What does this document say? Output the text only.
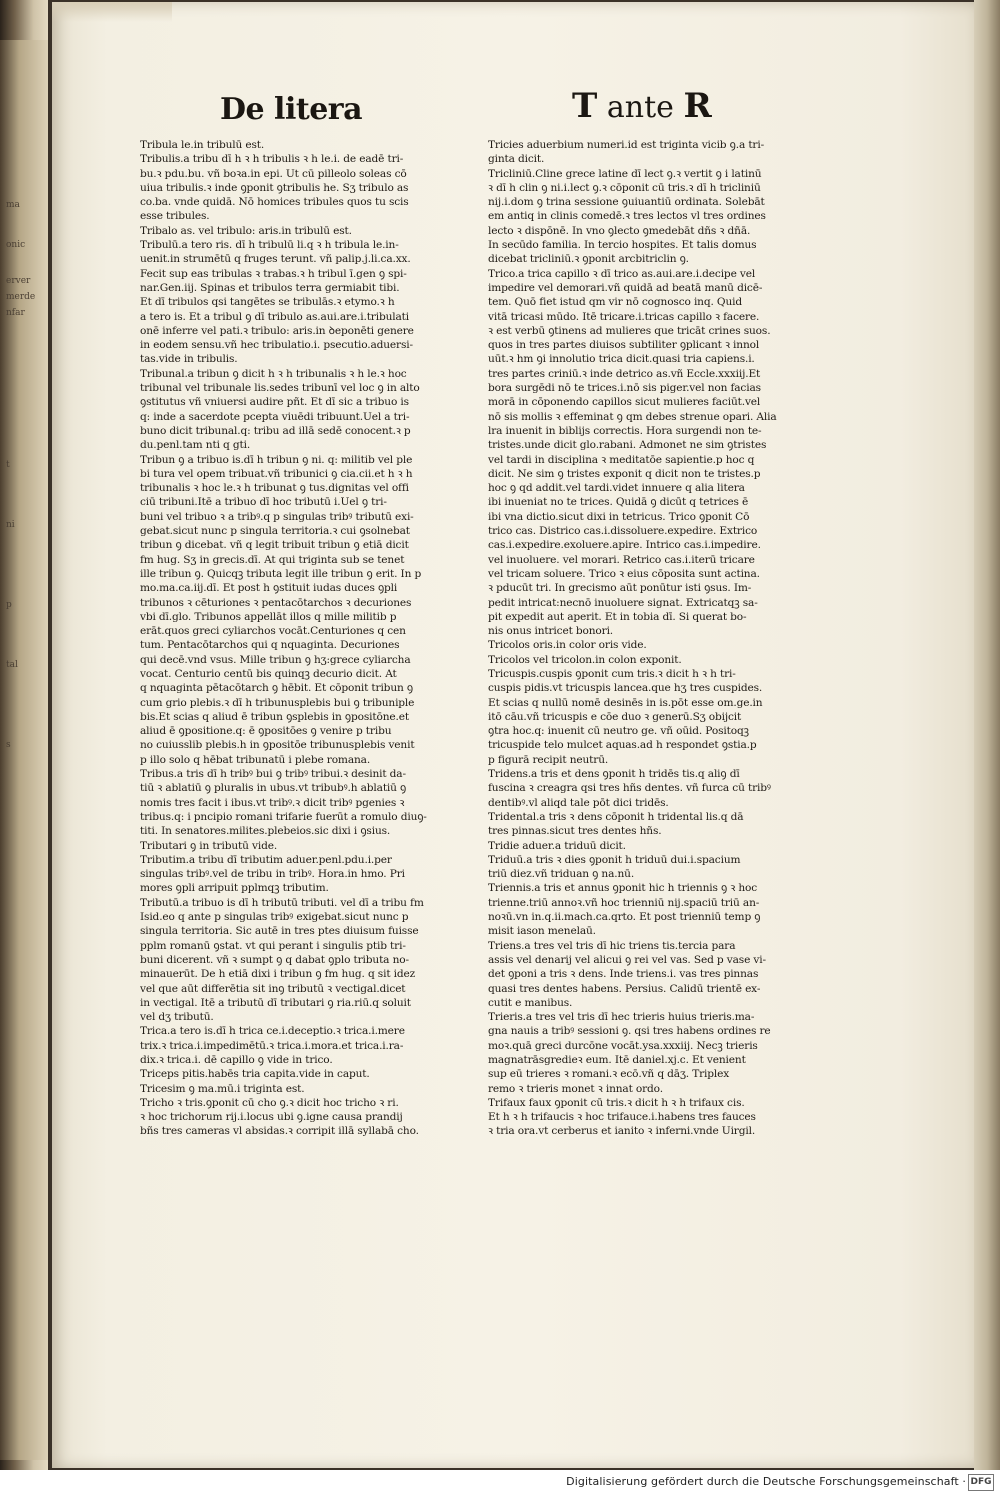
ma
onic
erver
merde
nfar
t
ni
p
tal
s
De litera	T ante R

Tribula le.in tribulū est.

Tribulis.a tribu dī h ꝛ h tribulis ꝛ h le.i. de eadē tri-

bu.ꝛ pdu.bu. vñ boꝛa.in epi. Ut cū pilleolo soleas cō

uiua tribulis.ꝛ inde ꝯponit ꝯtribulis he. Sʒ tribulo as

co.ba. vnde quidā. Nō homices tribules quos tu scis

esse tribules.

Tribalo as. vel tribulo: aris.in tribulū est.

Tribulū.a tero ris. dī h tribulū li.q ꝛ h tribula le.in-

uenit.in strumētū q fruges terunt. vñ palip.j.li.ca.xx.

Fecit sup eas tribulas ꝛ trabas.ꝛ h tribul ī.gen ꝯ spi-

nar.Gen.iij. Spinas et tribulos terra germiabit tibi.

Et dī tribulos qsi tangētes se tribulās.ꝛ etymo.ꝛ h

a tero is. Et a tribul ꝯ dī tribulo as.aui.are.i.tribulati

onē inferre vel pati.ꝛ tribulo: aris.in ꝺeponēti genere

in eodem sensu.vñ hec tribulatio.i. psecutio.aduersi-

tas.vide in tribulis.

Tribunal.a tribun ꝯ dicit h ꝛ h tribunalis ꝛ h le.ꝛ hoc

tribunal vel tribunale lis.sedes tribunī vel loc ꝯ in alto

ꝯstitutus vñ vniuersi audire pñt. Et dī sic a tribuo is

q: inde a sacerdote pcepta viuēdi tribuunt.Uel a tri-

buno dicit tribunal.q: tribu ad illā sedē conocent.ꝛ p

du.penl.tam nti q gti.

Tribun ꝯ a tribuo is.dī h tribun ꝯ ni. q: militib vel ple

bi tura vel opem tribuat.vñ tribunici ꝯ cia.cii.et h ꝛ h

tribunalis ꝛ hoc le.ꝛ h tribunat ꝯ tus.dignitas vel offi

ciū tribuni.Itē a tribuo dī hoc tributū i.Uel ꝯ tri-

buni vel tribuo ꝛ a tribꝰ.q p singulas tribꝰ tributū exi-

gebat.sicut nunc p singula territoria.ꝛ cui ꝯsolnebat

tribun ꝯ dicebat. vñ q legit tribuit tribun ꝯ etiā dicit

fm hug. Sʒ in grecis.dī. At qui triginta sub se tenet

ille tribun ꝯ. Quicqꝫ tributa legit ille tribun ꝯ erit. In p

mo.ma.ca.iij.dī. Et post h ꝯstituit iudas duces ꝯpli

tribunos ꝛ cēturiones ꝛ pentacōtarchos ꝛ decuriones

vbi dī.glo. Tribunos appellāt illos q mille militib p

erāt.quos greci cyliarchos vocāt.Centuriones q cen

tum. Pentacōtarchos qui q nquaginta. Decuriones

qui decē.vnd vsus. Mille tribun ꝯ hʒ:grece cyliarcha

vocat. Centurio centū bis quinqꝫ decurio dicit. At

q nquaginta pētacōtarch ꝯ hēbit. Et cōponit tribun ꝯ

cum grio plebis.ꝛ dī h tribunusplebis bui ꝯ tribuniple

bis.Et scias q aliud ē tribun ꝯsplebis in ꝯpositōne.et

aliud ē ꝯpositione.q: ē ꝯpositōes ꝯ venire p tribu

no cuiusslib plebis.h in ꝯpositōe tribunusplebis venit

p illo solo q hēbat tribunatū i plebe romana.

Tribus.a tris dī h tribꝰ bui ꝯ tribꝰ tribui.ꝛ desinit da-

tiū ꝛ ablatiū ꝯ pluralis in ubus.vt tribubꝰ.h ablatiū ꝯ

nomis tres facit i ibus.vt tribꝰ.ꝛ dicit tribꝰ pgenies ꝛ

tribus.q: i pncipio romani trifarie fuerūt a romulo diuꝯ-

titi. In senatores.milites.plebeios.sic dixi i ꝯsius.

Tributari ꝯ in tributū vide.

Tributim.a tribu dī tributim aduer.penl.pdu.i.per

singulas tribꝰ.vel de tribu in tribꝰ. Hora.in hmo. Pri

mores ꝯpli arripuit pplmqꝫ tributim.

Tributū.a tribuo is dī h tributū tributi. vel dī a tribu fm

Isid.eo q ante p singulas tribꝰ exigebat.sicut nunc p

singula territoria. Sic autē in tres ptes diuisum fuisse

pplm romanū ꝯstat. vt qui perant i singulis ptib tri-

buni dicerent. vñ ꝛ sumpt ꝯ q dabat ꝯplo tributa no-

minauerūt. De h etiā dixi i tribun ꝯ fm hug. q sit idez

vel que aūt differētia sit inꝯ tributū ꝛ vectigal.dicet

in vectigal. Itē a tributū dī tributari ꝯ ria.riū.q soluit

vel dʒ tributū.

Trica.a tero is.dī h trica ce.i.deceptio.ꝛ trica.i.mere

trix.ꝛ trica.i.impedimētū.ꝛ trica.i.mora.et trica.i.ra-

dix.ꝛ trica.i. dē capillo ꝯ vide in trico.

Triceps pitis.habēs tria capita.vide in caput.

Tricesim ꝯ ma.mū.i triginta est.

Tricho ꝛ tris.ꝯponit cū cho ꝯ.ꝛ dicit hoc tricho ꝛ ri.

ꝛ hoc trichorum rij.i.locus ubi ꝯ.igne causa prandij

bñs tres cameras vl absidas.ꝛ corripit illā syllabā cho.

Tricies aduerbium numeri.id est triginta vicib ꝯ.a tri-

ginta dicit.

Tricliniū.Cline grece latine dī lect ꝯ.ꝛ vertit ꝯ i latinū

ꝛ dī h clin ꝯ ni.i.lect ꝯ.ꝛ cōponit cū tris.ꝛ dī h tricliniū

nij.i.dom ꝯ trina sessione ꝯuiuantiū ordinata. Solebāt

em antiq in clinis comedē.ꝛ tres lectos vl tres ordines

lecto ꝛ dispōnē. In vno ꝯlecto ꝯmedebāt dñs ꝛ dñā.

In secūdo familia. In tercio hospites. Et talis domus

dicebat tricliniū.ꝛ ꝯponit arcbitriclin ꝯ.

Trico.a trica capillo ꝛ dī trico as.aui.are.i.decipe vel

impedire vel demorari.vñ quidā ad beatā manū dicē-

tem. Quō fiet istud qm vir nō cognosco inq. Quid

vitā tricasi mūdo. Itē tricare.i.tricas capillo ꝛ facere.

ꝛ est verbū ꝯtinens ad mulieres que tricāt crines suos.

quos in tres partes diuisos subtiliter ꝯplicant ꝛ innol

uūt.ꝛ hm ꝯi innolutio trica dicit.quasi tria capiens.i.

tres partes criniū.ꝛ inde detrico as.vñ Eccle.xxxiij.Et

bora surgēdi nō te trices.i.nō sis piger.vel non facias

morā in cōponendo capillos sicut mulieres faciūt.vel

nō sis mollis ꝛ effeminat ꝯ qm debes strenue opari. Alia

lra inuenit in biblijs correctis. Hora surgendi non te-

tristes.unde dicit glo.rabani. Admonet ne sim ꝯtristes

vel tardi in disciplina ꝛ meditatōe sapientie.p hoc q

dicit. Ne sim ꝯ tristes exponit q dicit non te tristes.p

hoc ꝯ qd addit.vel tardi.videt innuere q alia litera

ibi inueniat no te trices. Quidā ꝯ dicūt q tetrices ē

ibi vna dictio.sicut dixi in tetricus. Trico ꝯponit Cō

trico cas. Districo cas.i.dissoluere.expedire. Extrico

cas.i.expedire.exoluere.apire. Intrico cas.i.impedire.

vel inuoluere. vel morari. Retrico cas.i.iterū tricare

vel tricam soluere. Trico ꝛ eius cōposita sunt actina.

ꝛ pducūt tri. In grecismo aūt ponūtur isti ꝯsus. Im-

pedit intricat:necnō inuoluere signat. Extricatqꝫ sa-

pit expedit aut aperit. Et in tobia dī. Si querat bo-

nis onus intricet bonori.

Tricolos oris.in color oris vide.

Tricolos vel tricolon.in colon exponit.

Tricuspis.cuspis ꝯponit cum tris.ꝛ dicit h ꝛ h tri-

cuspis pidis.vt tricuspis lancea.que hʒ tres cuspides.

Et scias q nullū nomē desinēs in is.pōt esse om.ge.in

itō cāu.vñ tricuspis e cōe duo ꝛ generū.Sʒ obijcit

ꝯtra hoc.q: inuenit cū neutro ge. vñ oūid. Positoqꝫ

tricuspide telo mulcet aquas.ad h respondet ꝯstia.p

p figurā recipit neutrū.

Tridens.a tris et dens ꝯponit h tridēs tis.q aliꝯ dī

fuscina ꝛ creagra qsi tres hñs dentes. vñ furca cū tribꝰ

dentibꝰ.vl aliqd tale pōt dici tridēs.

Tridental.a tris ꝛ dens cōponit h tridental lis.q dā

tres pinnas.sicut tres dentes hñs.

Tridie aduer.a triduū dicit.

Triduū.a tris ꝛ dies ꝯponit h triduū dui.i.spacium

triū diez.vñ triduan ꝯ na.nū.

Triennis.a tris et annus ꝯponit hic h triennis ꝯ ꝛ hoc

trienne.triū annoꝛ.vñ hoc trienniū nij.spaciū triū an-

noꝛū.vn in.q.ii.mach.ca.qrto. Et post trienniū temp ꝯ

misit iason menelaū.

Triens.a tres vel tris dī hic triens tis.tercia para

assis vel denarij vel alicui ꝯ rei vel vas. Sed p vase vi-

det ꝯponi a tris ꝛ dens. Inde triens.i. vas tres pinnas

quasi tres dentes habens. Persius. Calidū trientē ex-

cutit e manibus.

Trieris.a tres vel tris dī hec trieris huius trieris.ma-

gna nauis a tribꝰ sessioni ꝯ. qsi tres habens ordines re

moꝛ.quā greci durcōne vocāt.ysa.xxxiij. Necꝫ trieris

magnatrāsgredieꝛ eum. Itē daniel.xj.c. Et venient

sup eū trieres ꝛ romani.ꝛ ecō.vñ q dāʒ. Triplex

remo ꝛ trieris monet ꝛ innat ordo.

Trifaux faux ꝯponit cū tris.ꝛ dicit h ꝛ h trifaux cis.

Et h ꝛ h trifaucis ꝛ hoc trifauce.i.habens tres fauces

ꝛ tria ora.vt cerberus et ianito ꝛ inferni.vnde Uirgil.

Digitalisierung gefördert durch die Deutsche Forschungsgemeinschaft · DFG
